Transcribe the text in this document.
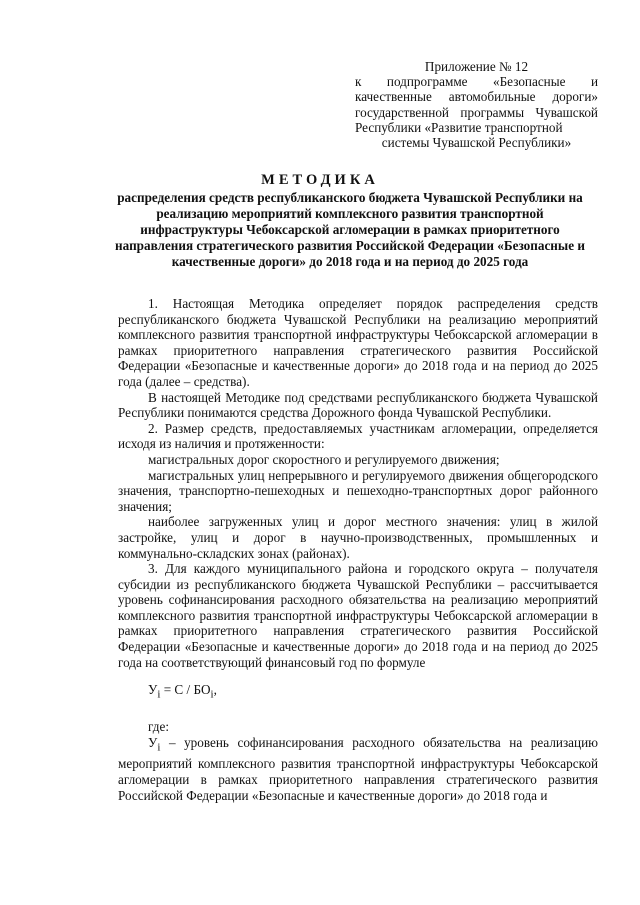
Приложение № 12
к подпрограмме «Безопасные и качественные автомобильные дороги» государственной программы Чувашской Республики «Развитие транспортной
системы Чувашской Республики»
МЕТОДИКА
распределения средств республиканского бюджета Чувашской Республики на реализацию мероприятий комплексного развития транспортной инфраструктуры Чебоксарской агломерации в рамках приоритетного направления стратегического развития Российской Федерации «Безопасные и качественные дороги» до 2018 года и на период до 2025 года

1. Настоящая Методика определяет порядок распределения средств республиканского бюджета Чувашской Республики на реализацию мероприятий комплексного развития транспортной инфраструктуры Чебоксарской агломерации в рамках приоритетного направления стратегического развития Российской Федерации «Безопасные и качественные дороги» до 2018 года и на период до 2025 года (далее – средства).

В настоящей Методике под средствами республиканского бюджета Чувашской Республики понимаются средства Дорожного фонда Чувашской Республики.

2. Размер средств, предоставляемых участникам агломерации, определяется исходя из наличия и протяженности:

магистральных дорог скоростного и регулируемого движения;

магистральных улиц непрерывного и регулируемого движения общегородского значения, транспортно-пешеходных и пешеходно-транспортных дорог районного значения;

наиболее загруженных улиц и дорог местного значения: улиц в жилой застройке, улиц и дорог в научно-производственных, промышленных и коммунально-складских зонах (районах).

3. Для каждого муниципального района и городского округа – получателя субсидии из республиканского бюджета Чувашской Республики – рассчитывается уровень софинансирования расходного обязательства на реализацию мероприятий комплексного развития транспортной инфраструктуры Чебоксарской агломерации в рамках приоритетного направления стратегического развития Российской Федерации «Безопасные и качественные дороги» до 2018 года и на период до 2025 года на соответствующий финансовый год по формуле

$У_i = С / БО_i$,

где:

$У_i$ – уровень софинансирования расходного обязательства на реализацию мероприятий комплексного развития транспортной инфраструктуры Чебоксарской агломерации в рамках приоритетного направления стратегического развития Российской Федерации «Безопасные и качественные дороги» до 2018 года и
